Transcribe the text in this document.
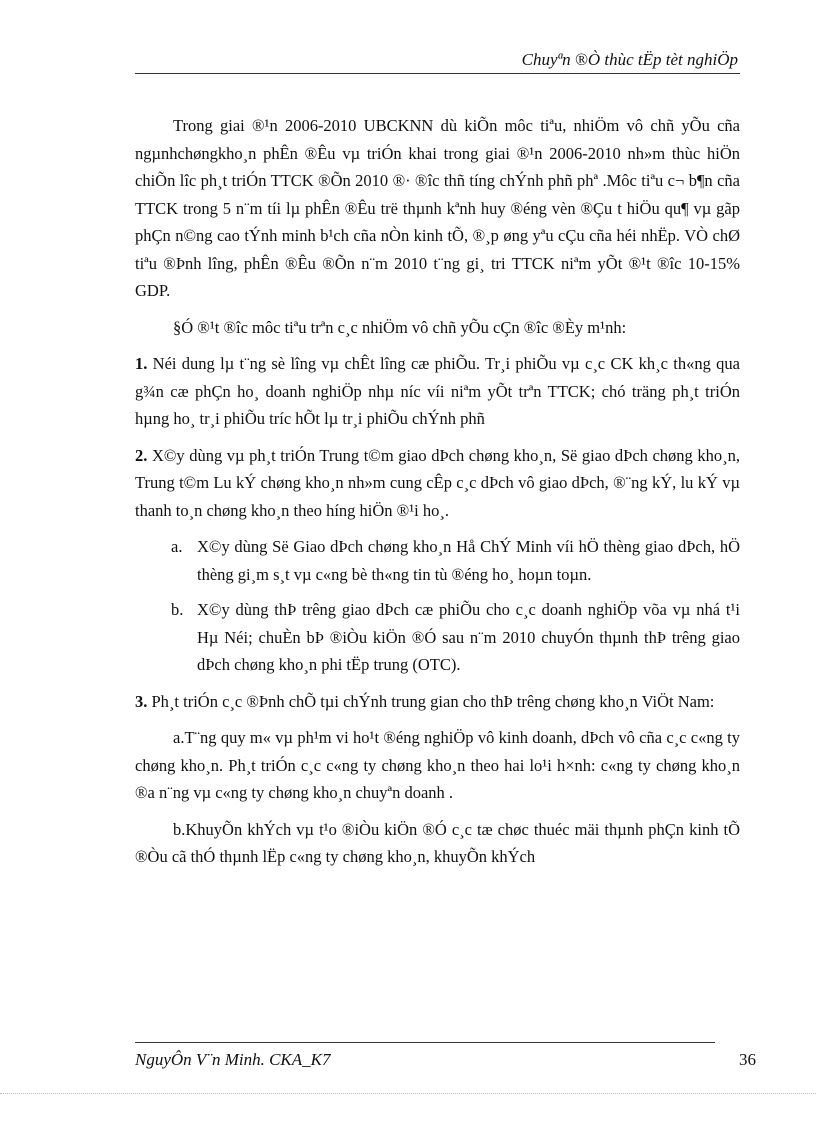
Chuyªn ®Ò thùc tËp tèt nghiÖp

Trong giai ®¹n 2006-2010 UBCKNN dù kiÕn môc tiªu, nhiÖm vô chñ yÕu cña ngµnhchøngkho¸n phÊn ®Êu vµ triÓn khai trong giai ®¹n 2006-2010 nh»m thùc hiÖn chiÕn lîc ph¸t triÓn TTCK ®Õn 2010 ®· ®îc thñ tíng chÝnh phñ phª .Môc tiªu c¬ b¶n cña TTCK trong 5 n¨m tíi lµ phÊn ®Êu trë thµnh kªnh huy ®éng vèn ®Çu t hiÖu qu¶ vµ gãp phÇn n©ng cao tÝnh minh b¹ch cña nÒn kinh tÕ, ®¸p øng yªu cÇu cña héi nhËp. VÒ chØ tiªu ®Þnh lîng, phÊn ®Êu ®Õn n¨m 2010 t¨ng gi¸ tri TTCK niªm yÕt ®¹t ®îc 10-15% GDP.

§Ó ®¹t ®îc môc tiªu trªn c¸c nhiÖm vô chñ yÕu cÇn ®îc ®Èy m¹nh:

1. Néi dung lµ t¨ng sè lîng vµ chÊt lîng cæ phiÕu. Tr¸i phiÕu vµ c¸c CK kh¸c th«ng qua g¾n cæ phÇn ho¸ doanh nghiÖp nhµ níc víi niªm yÕt trªn TTCK; chó träng ph¸t triÓn hµng ho¸ tr¸i phiÕu tríc hÕt lµ tr¸i phiÕu chÝnh phñ

2. X©y dùng vµ ph¸t triÓn Trung t©m giao dÞch chøng kho¸n, Së giao dÞch chøng kho¸n, Trung t©m Lu kÝ chøng kho¸n nh»m cung cÊp c¸c dÞch vô giao dÞch, ®¨ng kÝ, lu kÝ vµ thanh to¸n chøng kho¸n theo híng hiÖn ®¹i ho¸.

a. X©y dùng Së Giao dÞch chøng kho¸n Hå ChÝ Minh víi hÖ thèng giao dÞch, hÖ thèng gi¸m s¸t vµ c«ng bè th«ng tin tù ®éng ho¸ hoµn toµn.
b. X©y dùng thÞ trêng giao dÞch cæ phiÕu cho c¸c doanh nghiÖp võa vµ nhá t¹i Hµ Néi; chuÈn bÞ ®iÒu kiÖn ®Ó sau n¨m 2010 chuyÓn thµnh thÞ trêng giao dÞch chøng kho¸n phi tËp trung (OTC).

3. Ph¸t triÓn c¸c ®Þnh chÕ tµi chÝnh trung gian cho thÞ trêng chøng kho¸n ViÖt Nam:

a.T¨ng quy m« vµ ph¹m vi ho¹t ®éng nghiÖp vô kinh doanh, dÞch vô cña c¸c c«ng ty chøng kho¸n. Ph¸t triÓn c¸c c«ng ty chøng kho¸n theo hai lo¹i h×nh: c«ng ty chøng kho¸n ®a n¨ng vµ c«ng ty chøng kho¸n chuyªn doanh .

b.KhuyÕn khÝch vµ t¹o ®iÒu kiÖn ®Ó c¸c tæ chøc thuéc mäi thµnh phÇn kinh tÕ ®Òu cã thÓ thµnh lËp c«ng ty chøng kho¸n, khuyÕn khÝch

NguyÔn V¨n Minh. CKA_K7	36
